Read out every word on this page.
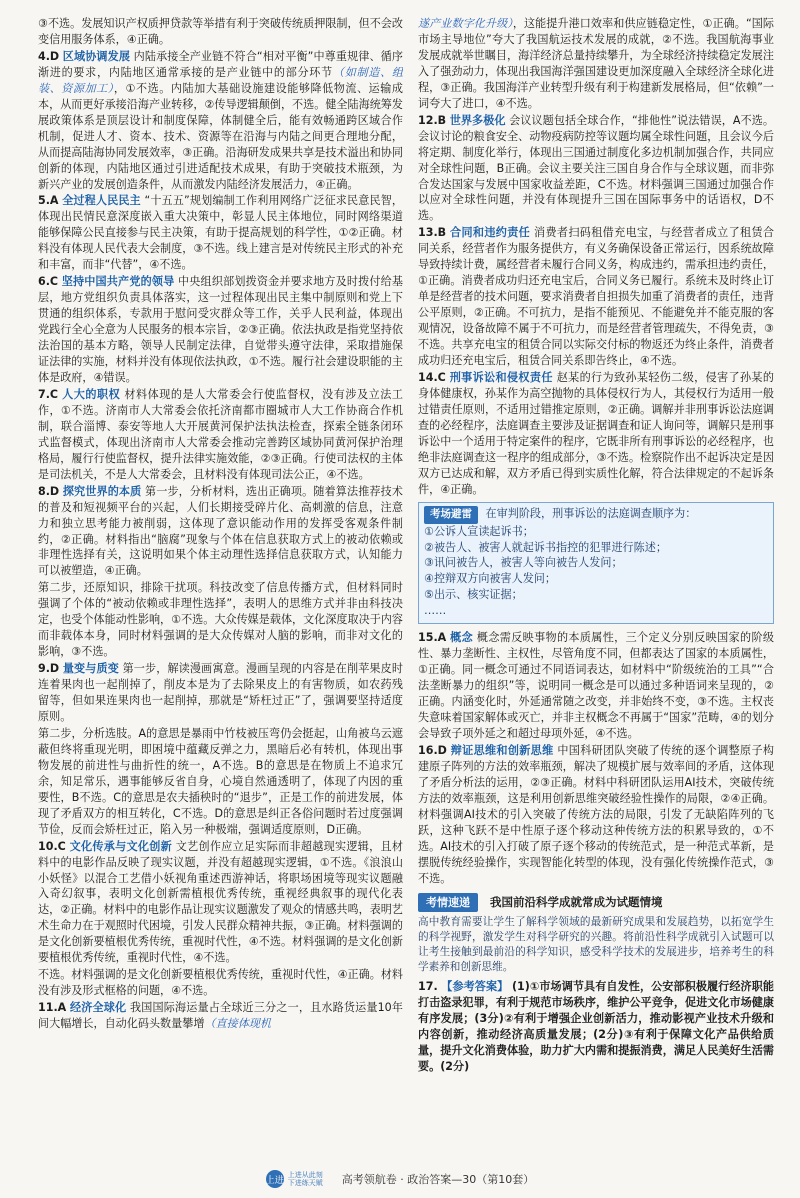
③不选。发展知识产权质押贷款等举措有利于突破传统质押限制，但不会改变信用服务体系，④正确。

4.D 区域协调发展 内陆承接全产业链不符合“相对平衡”中尊重规律、循序渐进的要求，内陆地区通常承接的是产业链中的部分环节（如制造、组装、资源加工），①不选。内陆加大基础设施建设能够降低物流、运输成本，从而更好承接沿海产业转移，②传导逻辑颠倒，不选。健全陆海统筹发展政策体系是顶层设计和制度保障，体制健全后，能有效畅通跨区域合作机制，促进人才、资本、技术、资源等在沿海与内陆之间更合理地分配，从而提高陆海协同发展效率，③正确。沿海研发成果共享是技术溢出和协同创新的体现，内陆地区通过引进适配技术成果，有助于突破技术瓶颈，为新兴产业的发展创造条件，从而激发内陆经济发展活力，④正确。

5.A 全过程人民民主 “十五五”规划编制工作利用网络广泛征求民意民智，体现出民情民意深度嵌入重大决策中，彰显人民主体地位，同时网络渠道能够保障公民直接参与民主决策，有助于提高规划的科学性，①②正确。材料没有体现人民代表大会制度，③不选。线上建言是对传统民主形式的补充和丰富，而非“代替”，④不选。

6.C 坚持中国共产党的领导 中央组织部划拨资金并要求地方及时拨付给基层，地方党组织负责具体落实，这一过程体现出民主集中制原则和党上下贯通的组织体系，专款用于慰问受灾群众等工作，关乎人民利益，体现出党践行全心全意为人民服务的根本宗旨，②③正确。依法执政是指党坚持依法治国的基本方略，领导人民制定法律，自觉带头遵守法律，采取措施保证法律的实施，材料并没有体现依法执政，①不选。履行社会建设职能的主体是政府，④错误。

7.C 人大的职权 材料体现的是人大常委会行使监督权，没有涉及立法工作，①不选。济南市人大常委会依托济南都市圈城市人大工作协商合作机制，联合淄博、泰安等地人大开展黄河保护法执法检查，探索全链条闭环式监督模式，体现出济南市人大常委会推动完善跨区域协同黄河保护治理格局，履行行使监督权，提升法律实施效能，②③正确。行使司法权的主体是司法机关，不是人大常委会，且材料没有体现司法公正，④不选。

8.D 探究世界的本质 第一步，分析材料，选出正确项。随着算法推荐技术的普及和短视频平台的兴起，人们长期接受碎片化、高刺激的信息，注意力和独立思考能力被削弱，这体现了意识能动作用的发挥受客观条件制约，②正确。材料指出“脑腐”现象与个体在信息获取方式上的被动依赖或非理性选择有关，这说明如果个体主动理性选择信息获取方式，认知能力可以被塑造，④正确。

第二步，还原知识，排除干扰项。科技改变了信息传播方式，但材料同时强调了个体的“被动依赖或非理性选择”，表明人的思维方式并非由科技决定，也受个体能动性影响，①不选。大众传媒是载体，文化深度取决于内容而非载体本身，同时材料强调的是大众传媒对人脑的影响，而非对文化的影响，③不选。

9.D 量变与质变 第一步，解读漫画寓意。漫画呈现的内容是在削苹果皮时连着果肉也一起削掉了，削皮本是为了去除果皮上的有害物质，如农药残留等，但如果连果肉也一起削掉，那就是“矫枉过正”了，强调要坚持适度原则。

第二步，分析选肢。A的意思是暴雨中竹枝被压弯仍会挺起，山角被乌云遮蔽但终将重现光明，即困境中蕴藏反弹之力，黑暗后必有转机，体现出事物发展的前进性与曲折性的统一，A不选。B的意思是在物质上不追求冗余，知足常乐，遇事能够反省自身，心境自然通透明了，体现了内因的重要性，B不选。C的意思是农夫插秧时的“退步”，正是工作的前进发展，体现了矛盾双方的相互转化，C不选。D的意思是纠正各俗问题时若过度强调节俭，反而会矫枉过正，陷入另一种极端，强调适度原则，D正确。

10.C 文化传承与文化创新 文艺创作应立足实际而非超越现实逻辑，且材料中的电影作品反映了现实议题，并没有超越现实逻辑，①不选。《浪浪山小妖怪》以混合工艺借小妖视角重述西游神话，将职场困境等现实议题融入奇幻叙事，表明文化创新需植根优秀传统，重视经典叙事的现代化表达，②正确。材料中的电影作品让现实议题激发了观众的情感共鸣，表明艺术生命力在于观照时代困境，引发人民群众精神共振，③正确。材料强调的是文化创新要植根优秀传统，重视时代性，④不选。材料强调的是文化创新要植根优秀传统，重视时代性，④不选。

不选。材料强调的是文化创新要植根优秀传统，重视时代性，④正确。材料没有涉及形式框格的问题，④不选。

11.A 经济全球化 我国国际海运量占全球近三分之一，且水路货运量10年间大幅增长，自动化码头数量攀增（直接体现机

遂产业数字化升级），这能提升港口效率和供应链稳定性，①正确。“国际市场主导地位”夸大了我国航运技术发展的成就，②不选。我国航海事业发展成就举世瞩目，海洋经济总量持续攀升，为全球经济持续稳定发展注入了强劲动力，体现出我国海洋强国建设更加深度融入全球经济全球化进程，③正确。我国海洋产业转型升级有利于构建新发展格局，但“依赖”一词夸大了进口，④不选。

12.B 世界多极化 会议议题包括全球合作，“排他性”说法错误，A不选。会议讨论的粮食安全、动物疫病防控等议题均属全球性问题，且会议今后将定期、制度化举行，体现出三国通过制度化多边机制加强合作，共同应对全球性问题，B正确。会议主要关注三国自身合作与全球议题，而非弥合发达国家与发展中国家收益差距，C不选。材料强调三国通过加强合作以应对全球性问题，并没有体现提升三国在国际事务中的话语权，D不选。

13.B 合同和违约责任 消费者扫码租借充电宝，与经营者成立了租赁合同关系，经营者作为服务提供方，有义务确保设备正常运行，因系统故障导致持续计费，属经营者未履行合同义务，构成违约，需承担违约责任，①正确。消费者成功归还充电宝后，合同义务已履行。系统未及时终止订单是经营者的技术问题，要求消费者自担损失加重了消费者的责任，违背公平原则，②正确。不可抗力，是指不能预见、不能避免并不能克服的客观情况，设备故障不属于不可抗力，而是经营者管理疏失，不得免责，③不选。共享充电宝的租赁合同以实际交付标的物返还为终止条件，消费者成功归还充电宝后，租赁合同关系即告终止，④不选。

14.C 刑事诉讼和侵权责任 赵某的行为致孙某轻伤二级，侵害了孙某的身体健康权，孙某作为高空抛物的具体侵权行为人，其侵权行为适用一般过错责任原则，不适用过错推定原则，②正确。调解并非刑事诉讼法庭调查的必经程序，法庭调查主要涉及证据调查和证人询问等，调解只是刑事诉讼中一个适用于特定案件的程序，它既非所有刑事诉讼的必经程序，也绝非法庭调查这一程序的组成部分，③不选。检察院作出不起诉决定是因双方已达成和解，双方矛盾已得到实质性化解，符合法律规定的不起诉条件，④正确。

考场避雷 在审判阶段，刑事诉讼的法庭调查顺序为：
①公诉人宣读起诉书；
②被告人、被害人就起诉书指控的犯罪进行陈述；
③讯问被告人，被害人等向被告人发问；
④控辩双方向被害人发问；
⑤出示、核实证据；
……

15.A 概念 概念需反映事物的本质属性，三个定义分别反映国家的阶级性、暴力垄断性、主权性，尽管角度不同，但都表达了国家的本质属性，①正确。同一概念可通过不同语词表达，如材料中“阶级统治的工具”“合法垄断暴力的组织”等，说明同一概念是可以通过多种语词来呈现的，②正确。内涵变化时，外延通常随之改变，并非始终不变，③不选。主权丧失意味着国家解体或灭亡，并非主权概念不再属于“国家”范畴，④的划分会导致子项外延之和超过母项外延，④不选。

16.D 辩证思维和创新思维 中国科研团队突破了传统的逐个调整原子构建原子阵列的方法的效率瓶颈，解决了规模扩展与效率间的矛盾，这体现了矛盾分析法的运用，②③正确。材料中科研团队运用AI技术，突破传统方法的效率瓶颈，这是利用创新思维突破经验性操作的局限，②④正确。材料强调AI技术的引入突破了传统方法的局限，引发了无缺陷阵列的飞跃，这种飞跃不是中性原子逐个移动这种传统方法的积累导致的，①不选。AI技术的引入打破了原子逐个移动的传统范式，是一种范式革新，是摆脱传统经验操作，实现智能化转型的体现，没有强化传统操作范式，③不选。

考情速递	我国前沿科学成就常成为试题情境
高中教育需要让学生了解科学领域的最新研究成果和发展趋势，以拓宽学生的科学视野，激发学生对科学研究的兴趣。将前沿性科学成就引入试题可以让考生接触到最前沿的科学知识，感受科学技术的发展进步，培养考生的科学素养和创新思维。

17. 【参考答案】 (1)①市场调节具有自发性，公安部积极履行经济职能打击盗录犯罪，有利于规范市场秩序，维护公平竞争，促进文化市场健康有序发展；(3分)②有利于增强企业创新活力，推动影视产业技术升级和内容创新，推动经济高质量发展；(2分)③有利于保障文化产品供给质量，提升文化消费体验，助力扩大内需和提振消费，满足人民美好生活需要。(2分)

上进
上进从此刻 下进练天赋	高考领航卷 · 政治答案—30（第10套）
